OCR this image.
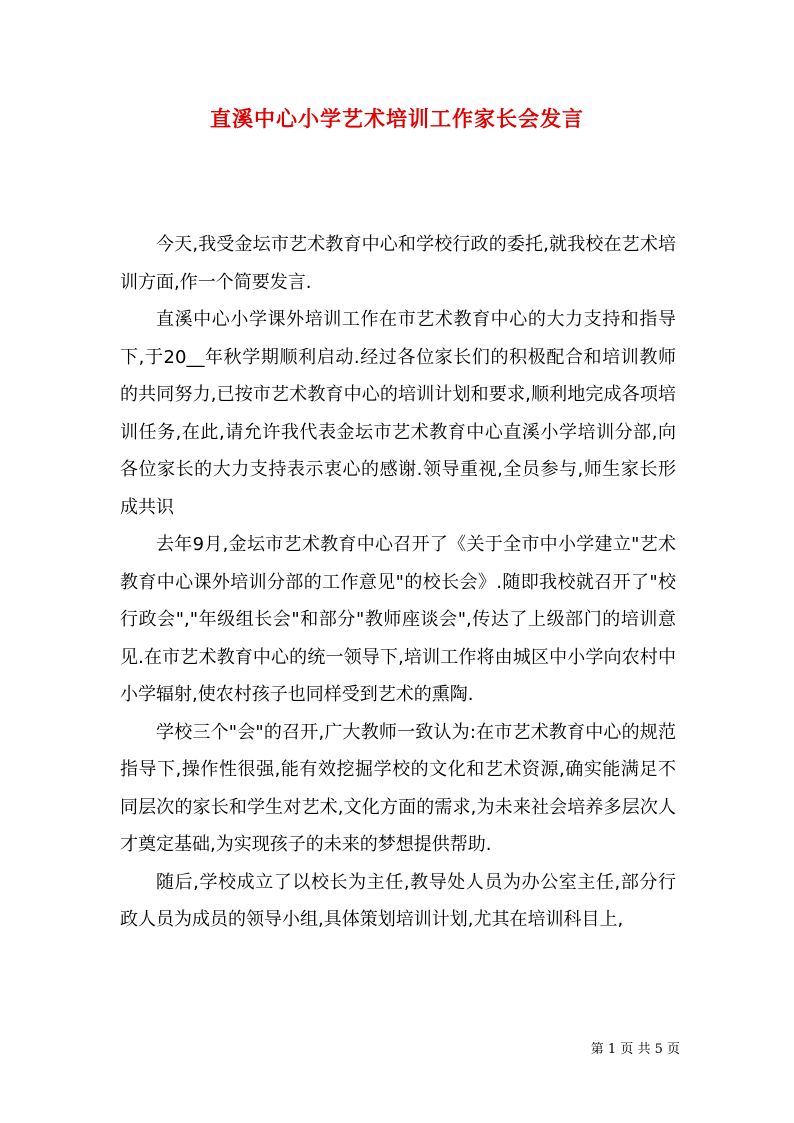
直溪中心小学艺术培训工作家长会发言

今天,我受金坛市艺术教育中心和学校行政的委托,就我校在艺术培训方面,作一个简要发言.

直溪中心小学课外培训工作在市艺术教育中心的大力支持和指导下,于20__年秋学期顺利启动.经过各位家长们的积极配合和培训教师的共同努力,已按市艺术教育中心的培训计划和要求,顺利地完成各项培训任务,在此,请允许我代表金坛市艺术教育中心直溪小学培训分部,向各位家长的大力支持表示衷心的感谢.领导重视,全员参与,师生家长形成共识

去年9月,金坛市艺术教育中心召开了《关于全市中小学建立"艺术教育中心课外培训分部的工作意见"的校长会》.随即我校就召开了"校行政会","年级组长会"和部分"教师座谈会",传达了上级部门的培训意见.在市艺术教育中心的统一领导下,培训工作将由城区中小学向农村中小学辐射,使农村孩子也同样受到艺术的熏陶.

学校三个"会"的召开,广大教师一致认为:在市艺术教育中心的规范指导下,操作性很强,能有效挖掘学校的文化和艺术资源,确实能满足不同层次的家长和学生对艺术,文化方面的需求,为未来社会培养多层次人才奠定基础,为实现孩子的未来的梦想提供帮助.

随后,学校成立了以校长为主任,教导处人员为办公室主任,部分行政人员为成员的领导小组,具体策划培训计划,尤其在培训科目上,

第 1 页 共 5 页
